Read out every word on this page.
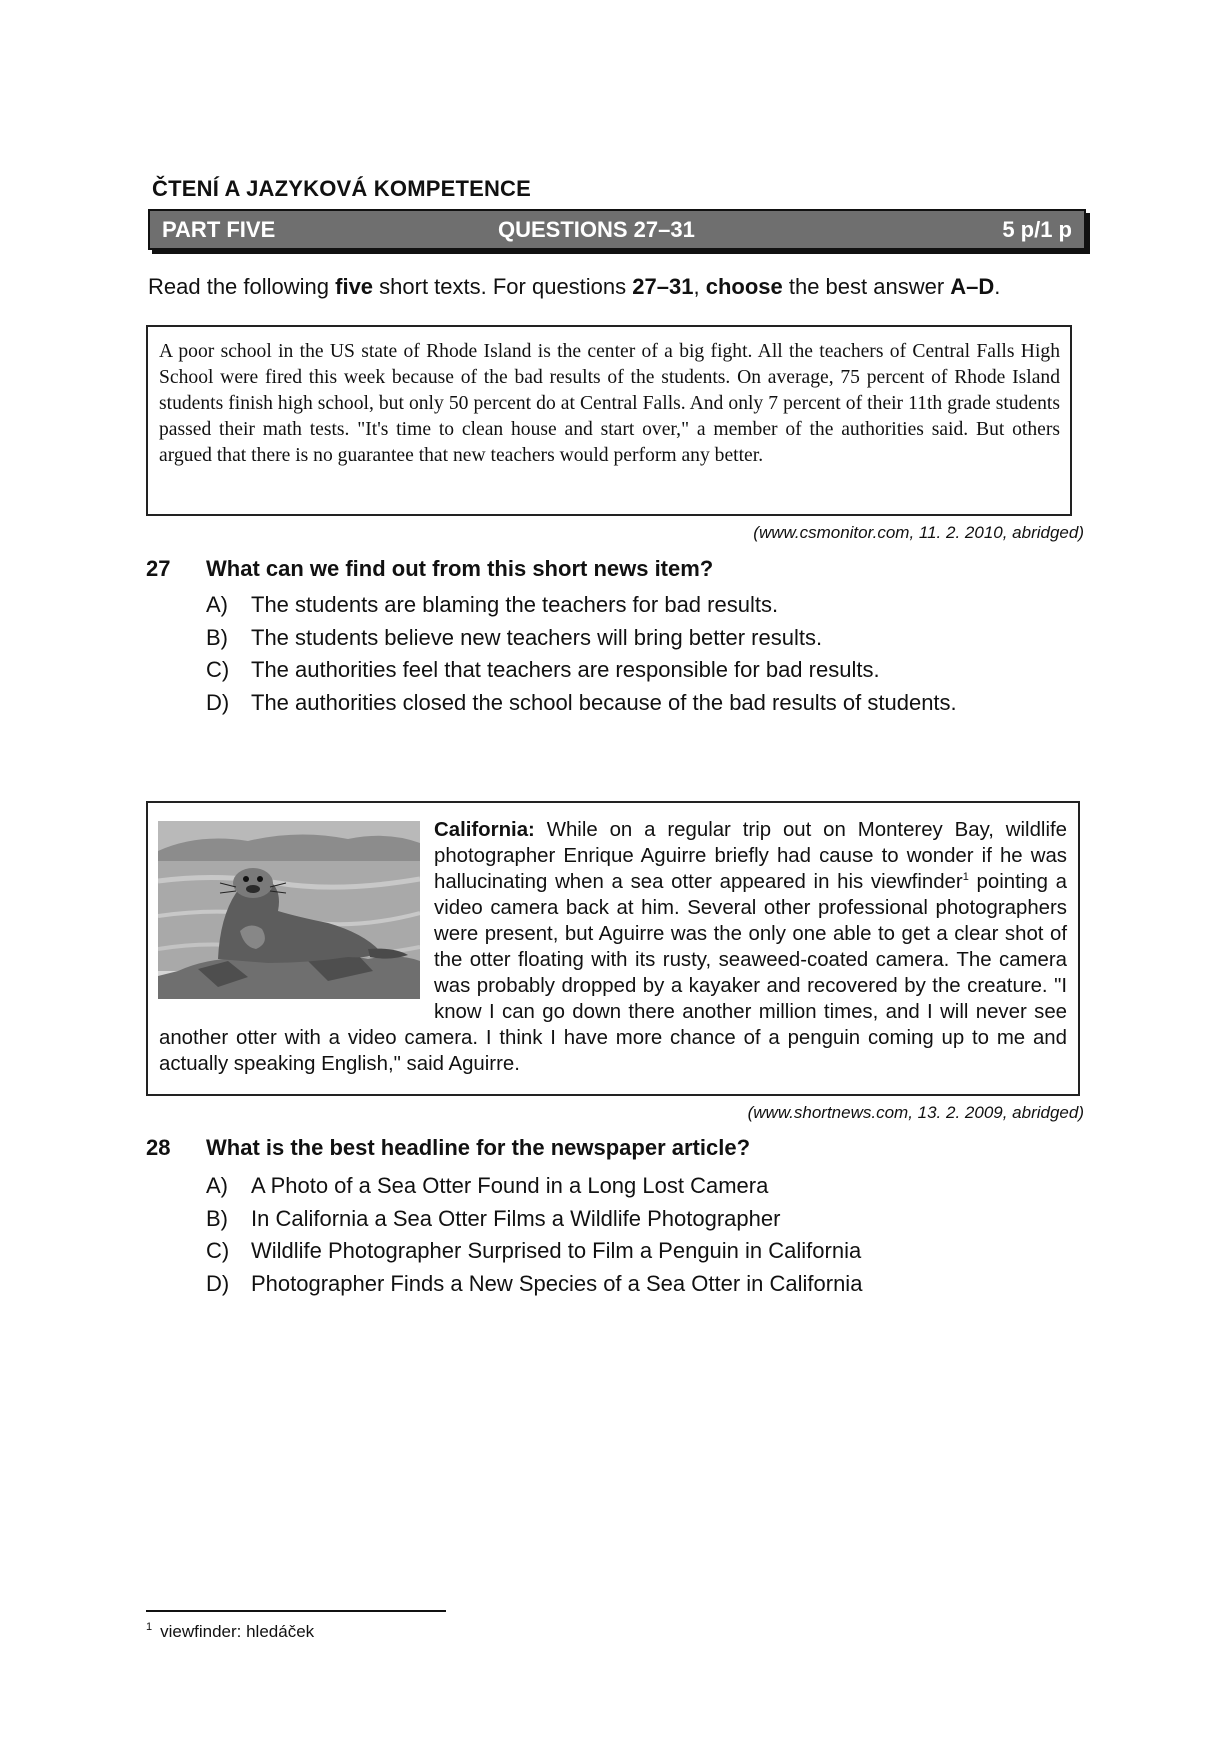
ČTENÍ A JAZYKOVÁ KOMPETENCE
PART FIVE	QUESTIONS 27–31	5 p/1 p
Read the following five short texts. For questions 27–31, choose the best answer A–D.

A poor school in the US state of Rhode Island is the center of a big fight. All the teachers of Central Falls High School were fired this week because of the bad results of the students. On average, 75 percent of Rhode Island students finish high school, but only 50 percent do at Central Falls. And only 7 percent of their 11th grade students passed their math tests. "It's time to clean house and start over," a member of the authorities said. But others argued that there is no guarantee that new teachers would perform any better.

(www.csmonitor.com, 11. 2. 2010, abridged)
27 What can we find out from this short news item?
A) The students are blaming the teachers for bad results.
B) The students believe new teachers will bring better results.
C) The authorities feel that teachers are responsible for bad results.
D) The authorities closed the school because of the bad results of students.

California: While on a regular trip out on Monterey Bay, wildlife photographer Enrique Aguirre briefly had cause to wonder if he was hallucinating when a sea otter appeared in his viewfinder$^1$ pointing a video camera back at him. Several other professional photographers were present, but Aguirre was the only one able to get a clear shot of the otter floating with its rusty, seaweed-coated camera. The camera was probably dropped by a kayaker and recovered by the creature. "I know I can go down there another million times, and I will never see another otter with a video camera. I think I have more chance of a penguin coming up to me and actually speaking English," said Aguirre.

(www.shortnews.com, 13. 2. 2009, abridged)
28 What is the best headline for the newspaper article?
A) A Photo of a Sea Otter Found in a Long Lost Camera
B) In California a Sea Otter Films a Wildlife Photographer
C) Wildlife Photographer Surprised to Film a Penguin in California
D) Photographer Finds a New Species of a Sea Otter in California
$^1$ viewfinder: hledáček
